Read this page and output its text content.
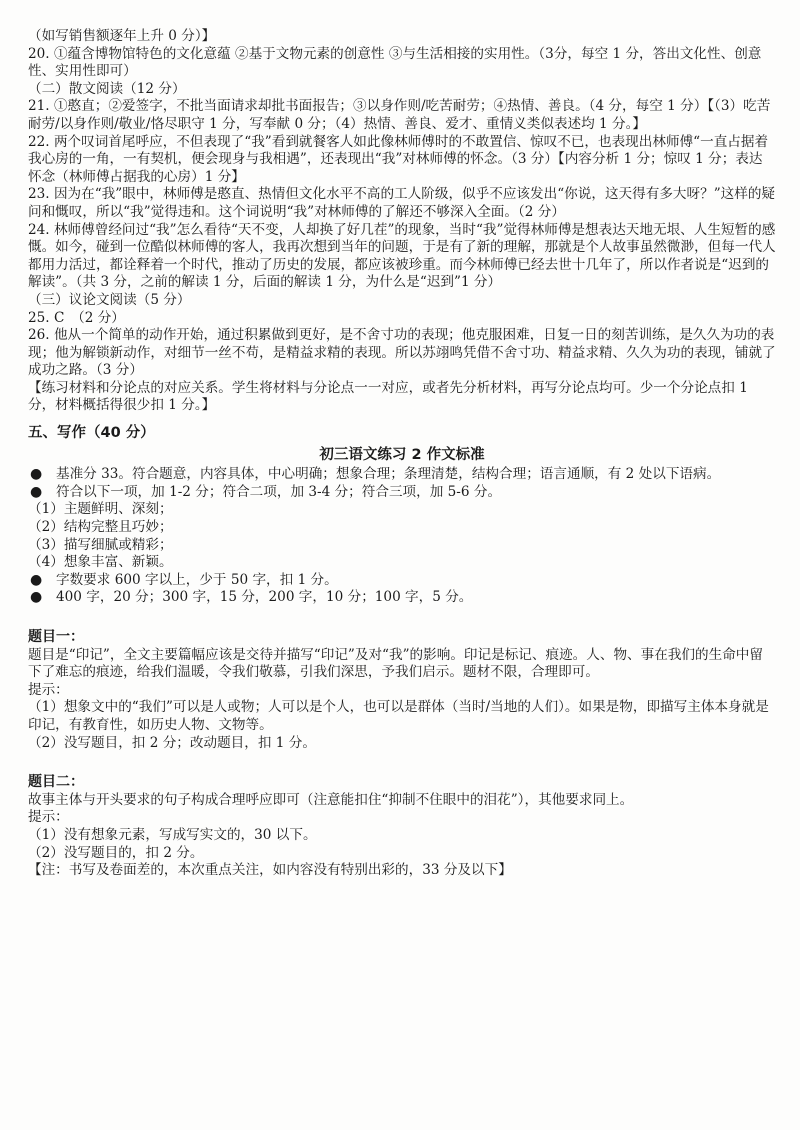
（如写销售额逐年上升 0 分）】

20. ①蕴含博物馆特色的文化意蕴 ②基于文物元素的创意性 ③与生活相接的实用性。（3分，每空 1 分，答出文化性、创意性、实用性即可）

（二）散文阅读（12 分）

21. ①憨直；②爱签字，不批当面请求却批书面报告；③以身作则/吃苦耐劳；④热情、善良。（4 分，每空 1 分）【（3）吃苦耐劳/以身作则/敬业/恪尽职守 1 分，写奉献 0 分；（4）热情、善良、爱才、重情义类似表述均 1 分。】

22. 两个叹词首尾呼应，不但表现了“我”看到就餐客人如此像林师傅时的不敢置信、惊叹不已，也表现出林师傅“一直占据着我心房的一角，一有契机，便会现身与我相遇”，还表现出“我”对林师傅的怀念。（3 分）【内容分析 1 分；惊叹 1 分；表达怀念（林师傅占据我的心房）1 分】

23. 因为在“我”眼中，林师傅是憨直、热情但文化水平不高的工人阶级，似乎不应该发出“你说，这天得有多大呀？”这样的疑问和慨叹，所以“我”觉得违和。这个词说明“我”对林师傅的了解还不够深入全面。（2 分）

24. 林师傅曾经问过“我”怎么看待“天不变，人却换了好几茬”的现象，当时“我”觉得林师傅是想表达天地无垠、人生短暂的感慨。如今，碰到一位酷似林师傅的客人，我再次想到当年的问题，于是有了新的理解，那就是个人故事虽然微渺，但每一代人都用力活过，都诠释着一个时代，推动了历史的发展，都应该被珍重。而今林师傅已经去世十几年了，所以作者说是“迟到的解读”。（共 3 分，之前的解读 1 分，后面的解读 1 分，为什么是“迟到”1 分）

（三）议论文阅读（5 分）

25. C　（2 分）

26. 他从一个简单的动作开始，通过积累做到更好，是不舍寸功的表现；他克服困难，日复一日的刻苦训练，是久久为功的表现；他为解锁新动作，对细节一丝不苟，是精益求精的表现。所以苏翊鸣凭借不舍寸功、精益求精、久久为功的表现，铺就了成功之路。（3 分）

【练习材料和分论点的对应关系。学生将材料与分论点一一对应，或者先分析材料，再写分论点均可。少一个分论点扣 1 分，材料概括得很少扣 1 分。】

五、写作（40 分）

初三语文练习 2 作文标准

● 基准分 33。符合题意，内容具体，中心明确；想象合理；条理清楚，结构合理；语言通顺，有 2 处以下语病。
● 符合以下一项，加 1-2 分；符合二项，加 3-4 分；符合三项，加 5-6 分。

（1）主题鲜明、深刻；

（2）结构完整且巧妙；

（3）描写细腻或精彩；

（4）想象丰富、新颖。

● 字数要求 600 字以上，少于 50 字，扣 1 分。
● 400 字，20 分；300 字，15 分，200 字，10 分；100 字，5 分。

题目一：

题目是“印记”，全文主要篇幅应该是交待并描写“印记”及对“我”的影响。印记是标记、痕迹。人、物、事在我们的生命中留下了难忘的痕迹，给我们温暖，令我们敬慕，引我们深思，予我们启示。题材不限，合理即可。

提示：

（1）想象文中的“我们”可以是人或物；人可以是个人，也可以是群体（当时/当地的人们）。如果是物，即描写主体本身就是印记，有教育性，如历史人物、文物等。

（2）没写题目，扣 2 分；改动题目，扣 1 分。

题目二：

故事主体与开头要求的句子构成合理呼应即可（注意能扣住“抑制不住眼中的泪花”），其他要求同上。

提示：

（1）没有想象元素，写成写实文的，30 以下。

（2）没写题目的，扣 2 分。

【注：书写及卷面差的，本次重点关注，如内容没有特别出彩的，33 分及以下】
